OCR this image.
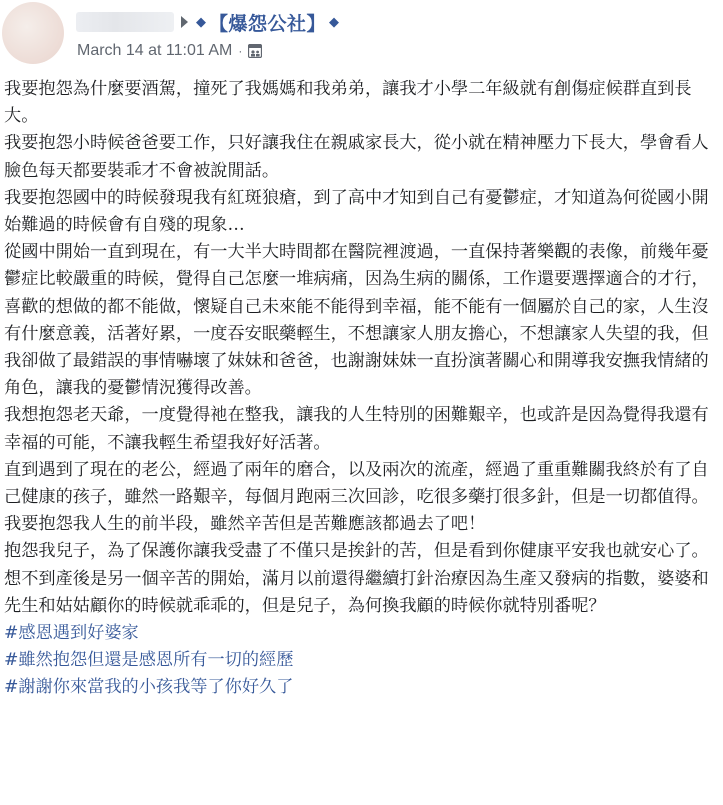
◆ 【爆怨公社】 ◆
March 14 at 11:01 AM ·

我要抱怨為什麼要酒駕，撞死了我媽媽和我弟弟，讓我才小學二年級就有創傷症候群直到長大。

我要抱怨小時候爸爸要工作，只好讓我住在親戚家長大，從小就在精神壓力下長大，學會看人臉色每天都要裝乖才不會被說閒話。

我要抱怨國中的時候發現我有紅斑狼瘡，到了高中才知到自己有憂鬱症，才知道為何從國小開始難過的時候會有自殘的現象…

從國中開始一直到現在，有一大半大時間都在醫院裡渡過，一直保持著樂觀的表像，前幾年憂鬱症比較嚴重的時候，覺得自己怎麼一堆病痛，因為生病的關係，工作還要選擇適合的才行，喜歡的想做的都不能做，懷疑自己未來能不能得到幸福，能不能有一個屬於自己的家，人生沒有什麼意義，活著好累，一度吞安眠藥輕生，不想讓家人朋友擔心，不想讓家人失望的我，但我卻做了最錯誤的事情嚇壞了妹妹和爸爸，也謝謝妹妹一直扮演著關心和開導我安撫我情緒的角色，讓我的憂鬱情況獲得改善。

我想抱怨老天爺，一度覺得祂在整我，讓我的人生特別的困難艱辛，也或許是因為覺得我還有幸福的可能，不讓我輕生希望我好好活著。

直到遇到了現在的老公，經過了兩年的磨合，以及兩次的流產，經過了重重難關我終於有了自己健康的孩子，雖然一路艱辛，每個月跑兩三次回診，吃很多藥打很多針，但是一切都值得。

我要抱怨我人生的前半段，雖然辛苦但是苦難應該都過去了吧！

抱怨我兒子，為了保護你讓我受盡了不僅只是挨針的苦，但是看到你健康平安我也就安心了。想不到產後是另一個辛苦的開始，滿月以前還得繼續打針治療因為生產又發病的指數，婆婆和先生和姑姑顧你的時候就乖乖的，但是兒子，為何換我顧的時候你就特別番呢？

#感恩遇到好婆家

#雖然抱怨但還是感恩所有一切的經歷

#謝謝你來當我的小孩我等了你好久了
